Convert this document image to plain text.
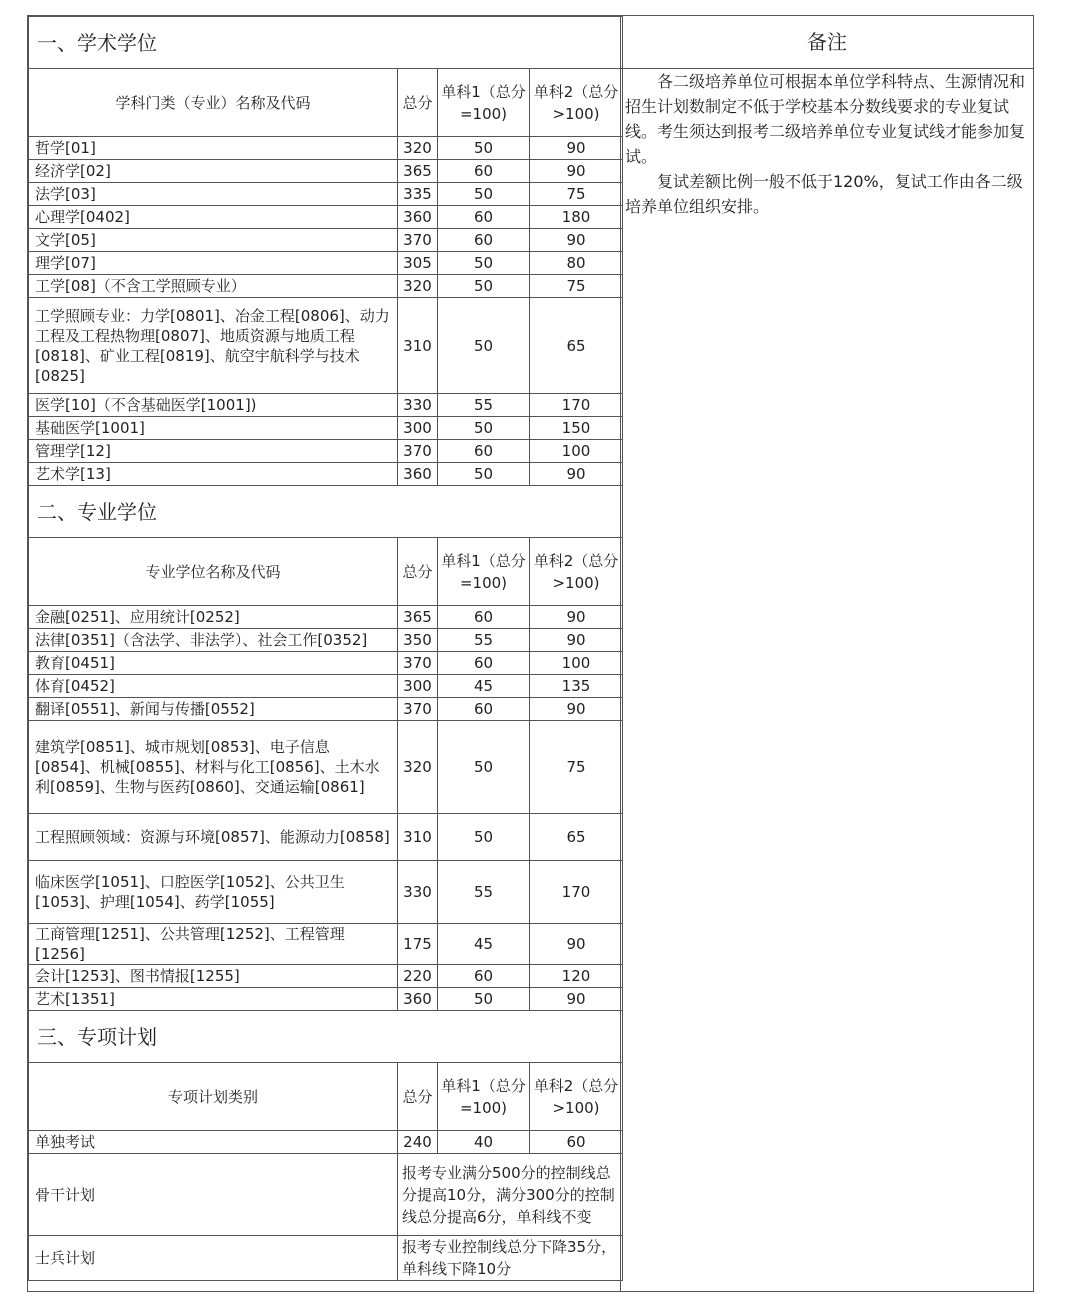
一、学术学位			
学科门类（专业）名称及代码	总分	单科1（总分=100)	单科2（总分>100)
哲学[01]	320	50	90
经济学[02]	365	60	90
法学[03]	335	50	75
心理学[0402]	360	60	180
文学[05]	370	60	90
理学[07]	305	50	80
工学[08]（不含工学照顾专业）	320	50	75
工学照顾专业：力学[0801]、冶金工程[0806]、动力工程及工程热物理[0807]、地质资源与地质工程[0818]、矿业工程[0819]、航空宇航科学与技术[0825]	310	50	65
医学[10]（不含基础医学[1001])	330	55	170
基础医学[1001]	300	50	150
管理学[12]	370	60	100
艺术学[13]	360	50	90
二、专业学位			
专业学位名称及代码	总分	单科1（总分=100)	单科2（总分>100)
金融[0251]、应用统计[0252]	365	60	90
法律[0351]（含法学、非法学）、社会工作[0352]	350	55	90
教育[0451]	370	60	100
体育[0452]	300	45	135
翻译[0551]、新闻与传播[0552]	370	60	90
建筑学[0851]、城市规划[0853]、电子信息[0854]、机械[0855]、材料与化工[0856]、土木水利[0859]、生物与医药[0860]、交通运输[0861]	320	50	75
工程照顾领域：资源与环境[0857]、能源动力[0858]	310	50	65
临床医学[1051]、口腔医学[1052]、公共卫生[1053]、护理[1054]、药学[1055]	330	55	170
工商管理[1251]、公共管理[1252]、工程管理[1256]	175	45	90
会计[1253]、图书情报[1255]	220	60	120
艺术[1351]	360	50	90
三、专项计划			
专项计划类别	总分	单科1（总分=100)	单科2（总分>100)
单独考试	240	40	60
骨干计划	报考专业满分500分的控制线总分提高10分，满分300分的控制线总分提高6分，单科线不变		
士兵计划	报考专业控制线总分下降35分，单科线下降10分		
备注

各二级培养单位可根据本单位学科特点、生源情况和招生计划数制定不低于学校基本分数线要求的专业复试线。考生须达到报考二级培养单位专业复试线才能参加复试。

复试差额比例一般不低于120%，复试工作由各二级培养单位组织安排。
